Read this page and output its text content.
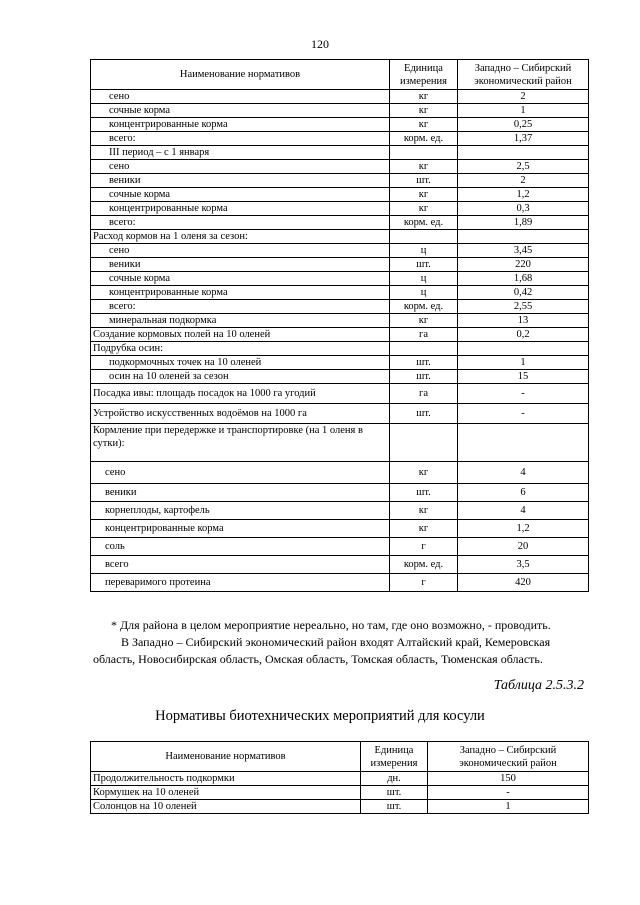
120
Наименование нормативов	Единица измерения	Западно – Сибирский экономический район
сено	кг	2
сочные корма	кг	1
концентрированные корма	кг	0,25
всего:	корм. ед.	1,37
III период – с 1 января		
сено	кг	2,5
веники	шт.	2
сочные корма	кг	1,2
концентрированные корма	кг	0,3
всего:	корм. ед.	1,89
Расход кормов на 1 оленя за сезон:		
сено	ц	3,45
веники	шт.	220
сочные корма	ц	1,68
концентрированные корма	ц	0,42
всего:	корм. ед.	2,55
минеральная подкормка	кг	13
Создание кормовых полей на 10 оленей	га	0,2
Подрубка осин:		
подкормочных точек на 10 оленей	шт.	1
осин на 10 оленей за сезон	шт.	15
Посадка ивы: площадь посадок на 1000 га угодий	га	-
Устройство искусственных водоёмов на 1000 га	шт.	-
Кормление при передержке и транспортировке (на 1 оленя в сутки):		
сено	кг	4
веники	шт.	6
корнеплоды, картофель	кг	4
концентрированные корма	кг	1,2
соль	г	20
всего	корм. ед.	3,5
переваримого протеина	г	420

* Для района в целом мероприятие нереально, но там, где оно возможно, - проводить.

В Западно – Сибирский экономический район входят Алтайский край, Кемеровская

область, Новосибирская область, Омская область, Томская область, Тюменская область.

Таблица 2.5.3.2
Нормативы биотехнических мероприятий для косули
Наименование нормативов	Единица измерения	Западно – Сибирский экономический район
Продолжительность подкормки	дн.	150
Кормушек на 10 оленей	шт.	-
Солонцов на 10 оленей	шт.	1
